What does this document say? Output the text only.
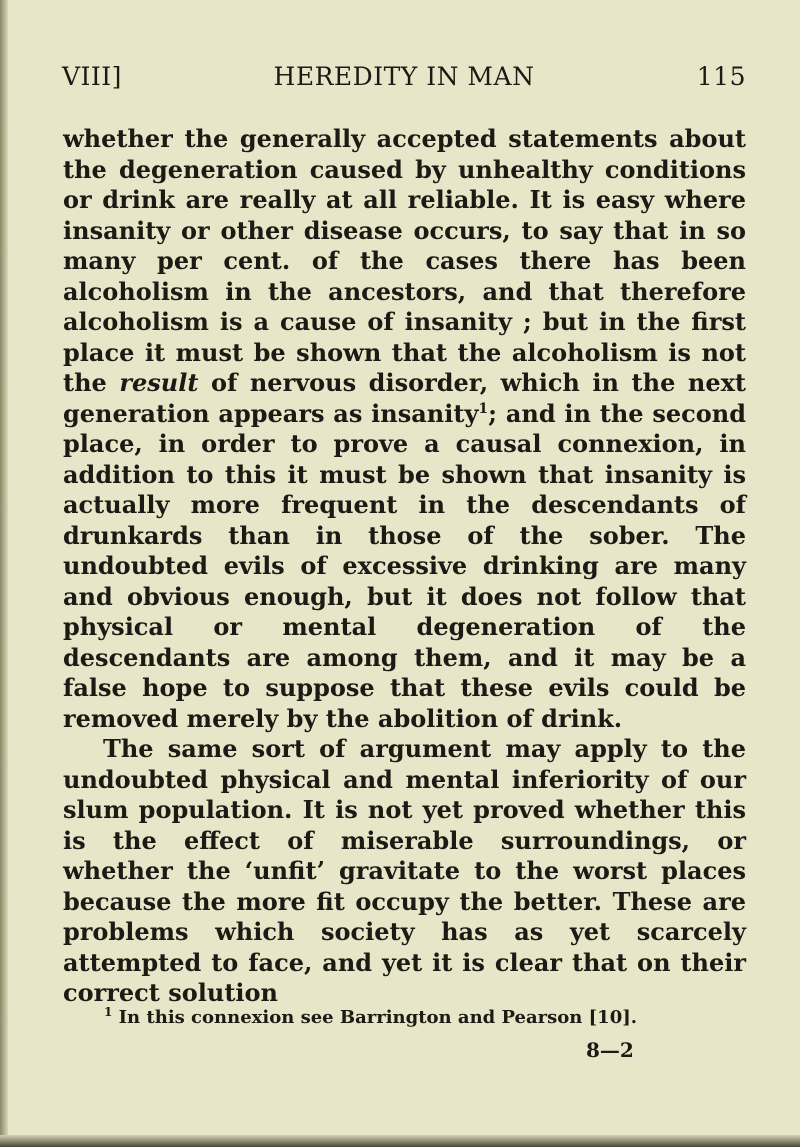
VIII]	HEREDITY IN MAN	115

whether the generally accepted statements about the degeneration caused by unhealthy conditions or drink are really at all reliable. It is easy where insanity or other disease occurs, to say that in so many per cent. of the cases there has been alcoholism in the ancestors, and that therefore alcoholism is a cause of insanity ; but in the first place it must be shown that the alcoholism is not the result of nervous disorder, which in the next generation appears as insanity$^1$; and in the second place, in order to prove a causal connexion, in addition to this it must be shown that insanity is actually more frequent in the descendants of drunkards than in those of the sober. The undoubted evils of excessive drinking are many and obvious enough, but it does not follow that physical or mental degeneration of the descendants are among them, and it may be a false hope to suppose that these evils could be removed merely by the abolition of drink.

The same sort of argument may apply to the undoubted physical and mental inferiority of our slum population. It is not yet proved whether this is the effect of miserable surroundings, or whether the ‘unfit’ gravitate to the worst places because the more fit occupy the better. These are problems which society has as yet scarcely attempted to face, and yet it is clear that on their correct solution

$^1$ In this connexion see Barrington and Pearson [10].
8—2
